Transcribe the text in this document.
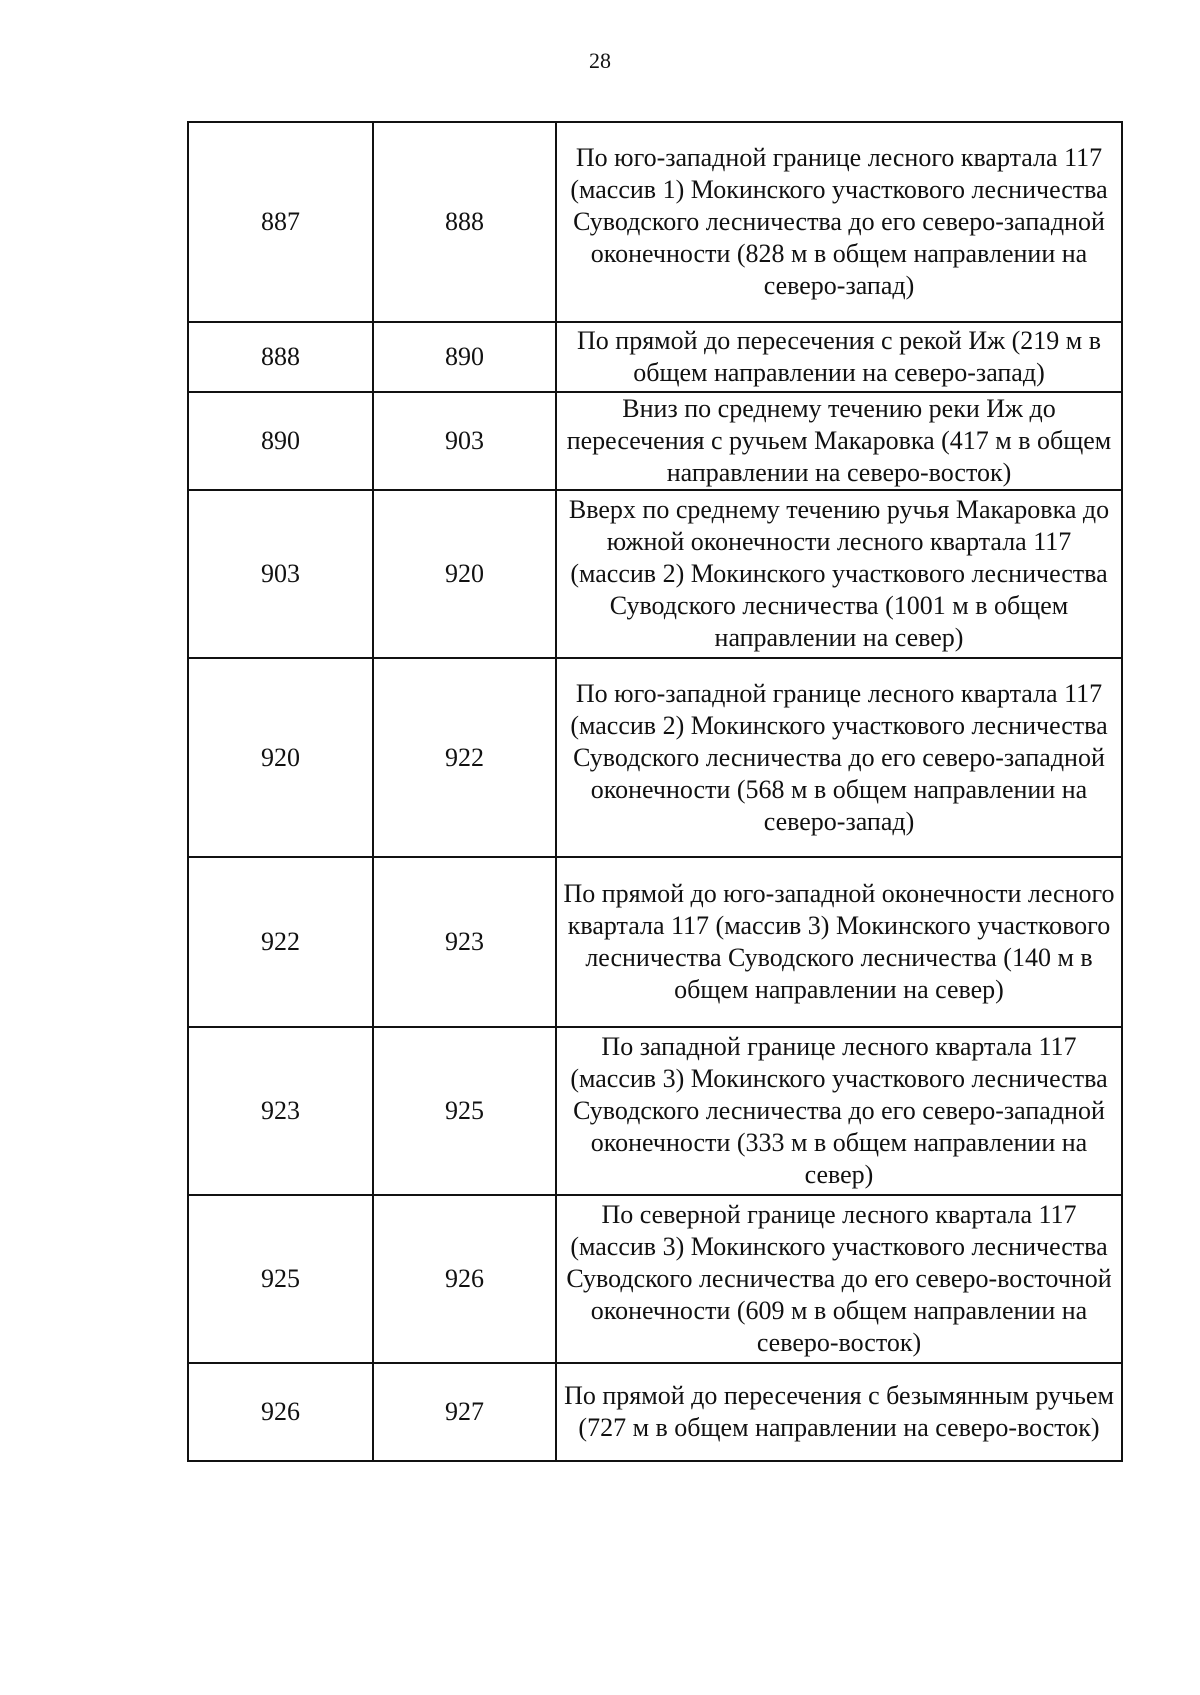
28
887	888	По юго-западной границе лесного квартала 117 (массив 1) Мокинского участкового лесничества Суводского лесничества до его северо-западной оконечности (828 м в общем направлении на северо-запад)
888	890	По прямой до пересечения с рекой Иж (219 м в общем направлении на северо-запад)
890	903	Вниз по среднему течению реки Иж до пересечения с ручьем Макаровка (417 м в общем направлении на северо-восток)
903	920	Вверх по среднему течению ручья Макаровка до южной оконечности лесного квартала 117 (массив 2) Мокинского участкового лесничества Суводского лесничества (1001 м в общем направлении на север)
920	922	По юго-западной границе лесного квартала 117 (массив 2) Мокинского участкового лесничества Суводского лесничества до его северо-западной оконечности (568 м в общем направлении на северо-запад)
922	923	По прямой до юго-западной оконечности лесного квартала 117 (массив 3) Мокинского участкового лесничества Суводского лесничества (140 м в общем направлении на север)
923	925	По западной границе лесного квартала 117 (массив 3) Мокинского участкового лесничества Суводского лесничества до его северо-западной оконечности (333 м в общем направлении на север)
925	926	По северной границе лесного квартала 117 (массив 3) Мокинского участкового лесничества Суводского лесничества до его северо-восточной оконечности (609 м в общем направлении на северо-восток)
926	927	По прямой до пересечения с безымянным ручьем (727 м в общем направлении на северо-восток)
